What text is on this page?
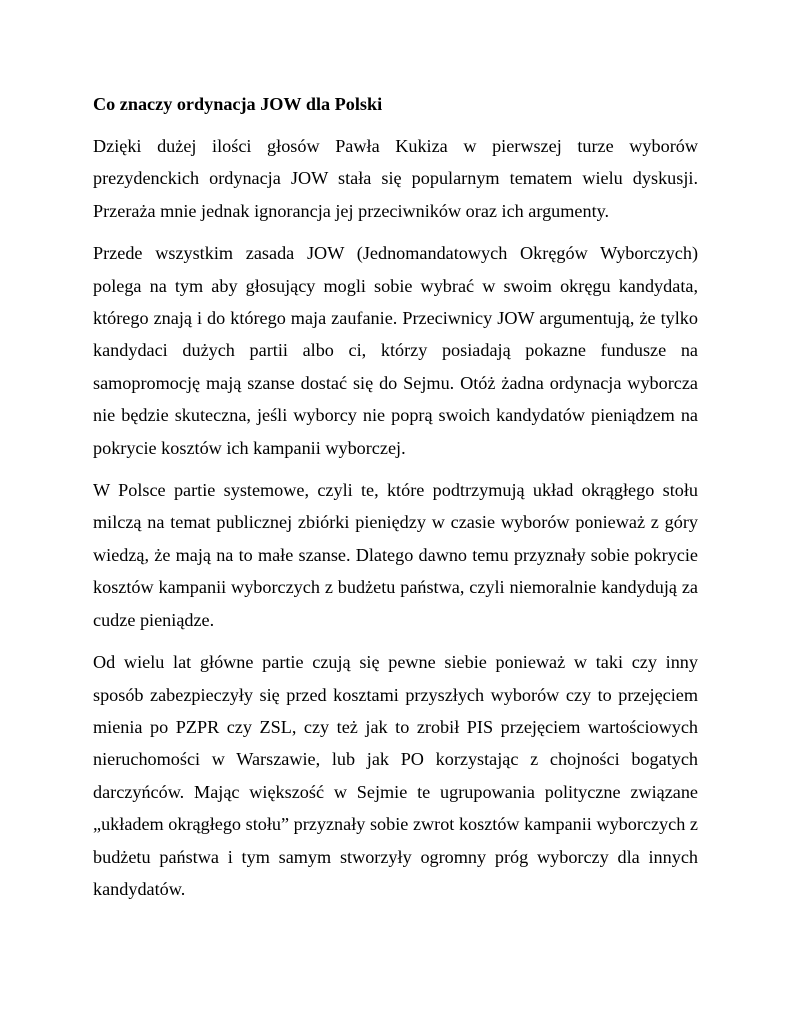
Co znaczy ordynacja JOW dla Polski

Dzięki dużej ilości głosów Pawła Kukiza w pierwszej turze wyborów prezydenckich ordynacja JOW stała się popularnym tematem wielu dyskusji. Przeraża mnie jednak ignorancja jej przeciwników oraz ich argumenty.

Przede wszystkim zasada JOW (Jednomandatowych Okręgów Wyborczych) polega na tym aby głosujący mogli sobie wybrać w swoim okręgu kandydata, którego znają i do którego maja zaufanie. Przeciwnicy JOW argumentują, że tylko kandydaci dużych partii albo ci, którzy posiadają pokazne fundusze na samopromocję mają szanse dostać się do Sejmu. Otóż żadna ordynacja wyborcza nie będzie skuteczna, jeśli wyborcy nie poprą swoich kandydatów pieniądzem na pokrycie kosztów ich kampanii wyborczej.

W Polsce partie systemowe, czyli te, które podtrzymują układ okrągłego stołu milczą na temat publicznej zbiórki pieniędzy w czasie wyborów ponieważ z góry wiedzą, że mają na to małe szanse. Dlatego dawno temu przyznały sobie pokrycie kosztów kampanii wyborczych z budżetu państwa, czyli niemoralnie kandydują za cudze pieniądze.

Od wielu lat główne partie czują się pewne siebie ponieważ w taki czy inny sposób zabezpieczyły się przed kosztami przyszłych wyborów czy to przejęciem mienia po PZPR czy ZSL, czy też jak to zrobił PIS przejęciem wartościowych nieruchomości w Warszawie, lub jak PO korzystając z chojności bogatych darczyńców. Mając większość w Sejmie te ugrupowania polityczne związane „układem okrągłego stołu” przyznały sobie zwrot kosztów kampanii wyborczych z budżetu państwa i tym samym stworzyły ogromny próg wyborczy dla innych kandydatów.
